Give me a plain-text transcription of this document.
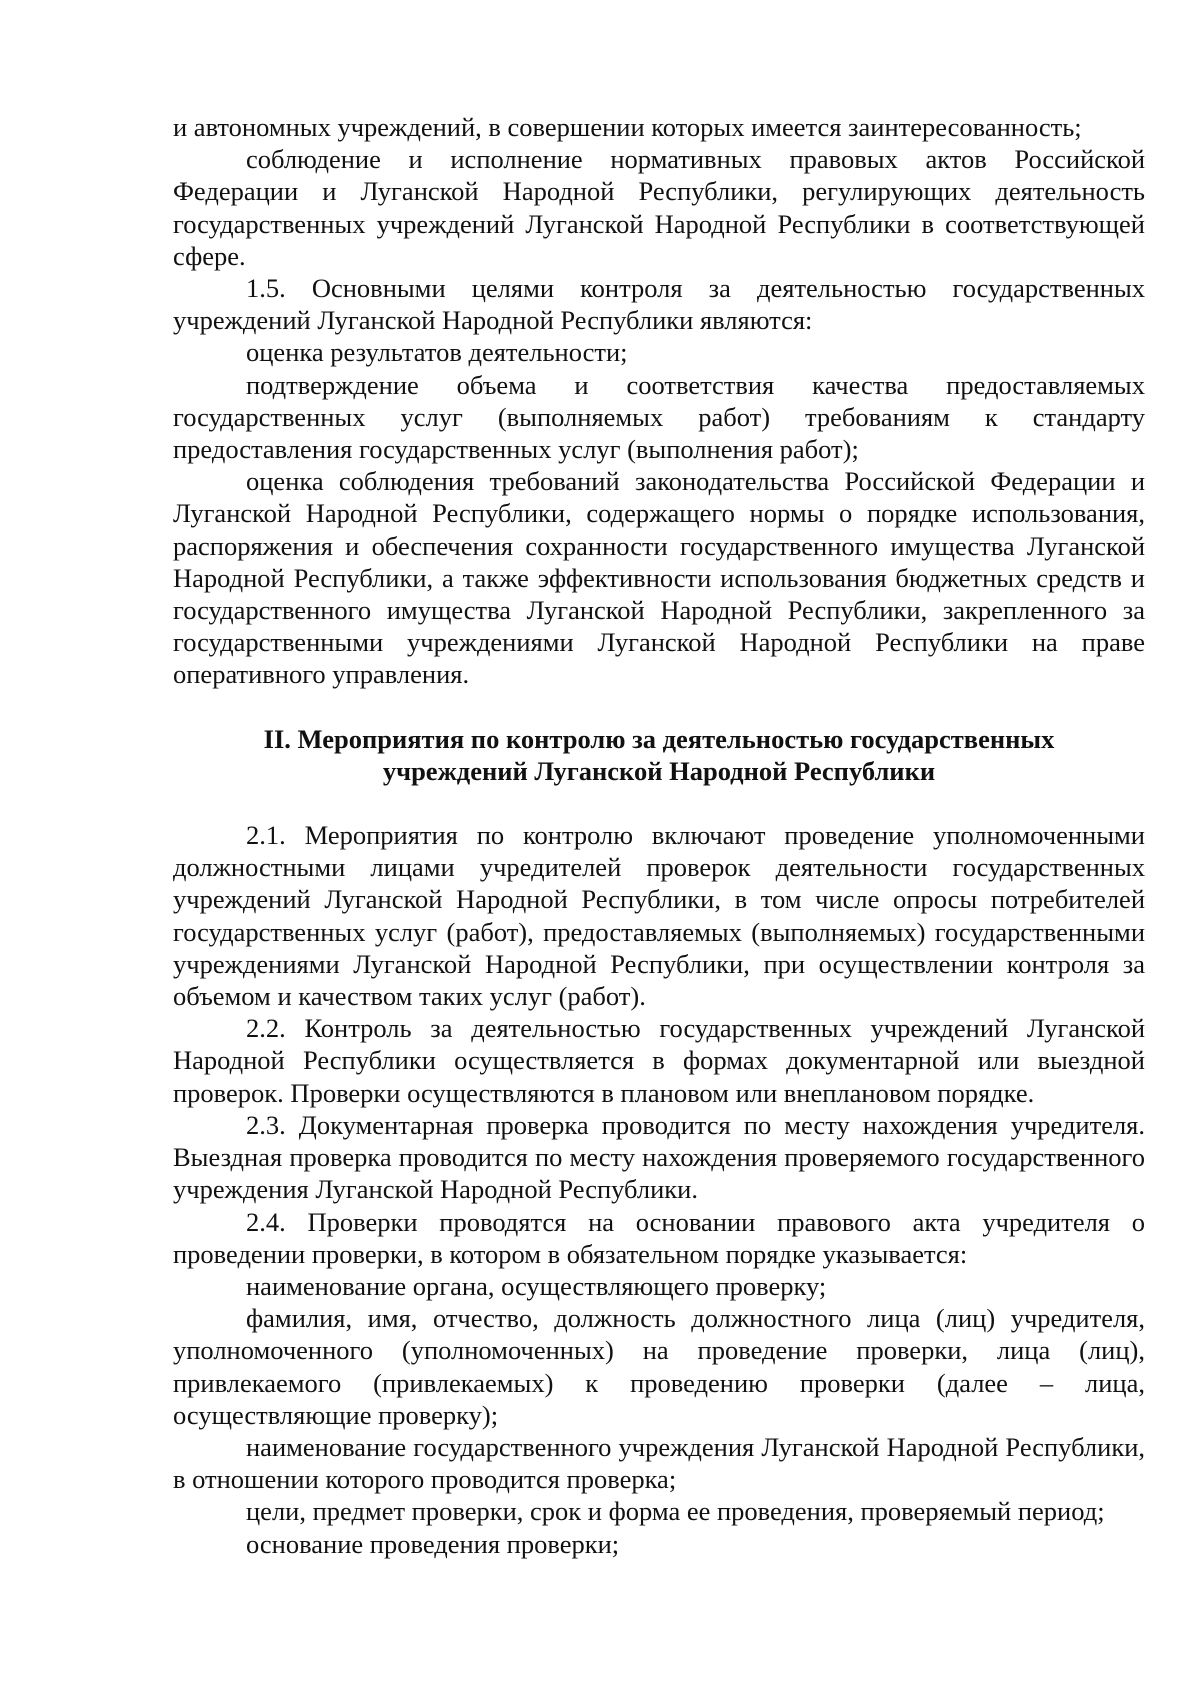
и автономных учреждений, в совершении которых имеется заинтересованность;

соблюдение и исполнение нормативных правовых актов Российской Федерации и Луганской Народной Республики, регулирующих деятельность государственных учреждений Луганской Народной Республики в соответствующей сфере.

1.5. Основными целями контроля за деятельностью государственных учреждений Луганской Народной Республики являются:

оценка результатов деятельности;

подтверждение объема и соответствия качества предоставляемых государственных услуг (выполняемых работ) требованиям к стандарту предоставления государственных услуг (выполнения работ);

оценка соблюдения требований законодательства Российской Федерации и Луганской Народной Республики, содержащего нормы о порядке использования, распоряжения и обеспечения сохранности государственного имущества Луганской Народной Республики, а также эффективности использования бюджетных средств и государственного имущества Луганской Народной Республики, закрепленного за государственными учреждениями Луганской Народной Республики на праве оперативного управления.

II. Мероприятия по контролю за деятельностью государственных
учреждений Луганской Народной Республики

2.1. Мероприятия по контролю включают проведение уполномоченными должностными лицами учредителей проверок деятельности государственных учреждений Луганской Народной Республики, в том числе опросы потребителей государственных услуг (работ), предоставляемых (выполняемых) государственными учреждениями Луганской Народной Республики, при осуществлении контроля за объемом и качеством таких услуг (работ).

2.2. Контроль за деятельностью государственных учреждений Луганской Народной Республики осуществляется в формах документарной или выездной проверок. Проверки осуществляются в плановом или внеплановом порядке.

2.3. Документарная проверка проводится по месту нахождения учредителя. Выездная проверка проводится по месту нахождения проверяемого государственного учреждения Луганской Народной Республики.

2.4. Проверки проводятся на основании правового акта учредителя о проведении проверки, в котором в обязательном порядке указывается:

наименование органа, осуществляющего проверку;

фамилия, имя, отчество, должность должностного лица (лиц) учредителя, уполномоченного (уполномоченных) на проведение проверки, лица (лиц), привлекаемого (привлекаемых) к проведению проверки (далее – лица, осуществляющие проверку);

наименование государственного учреждения Луганской Народной Республики, в отношении которого проводится проверка;

цели, предмет проверки, срок и форма ее проведения, проверяемый период;

основание проведения проверки;
